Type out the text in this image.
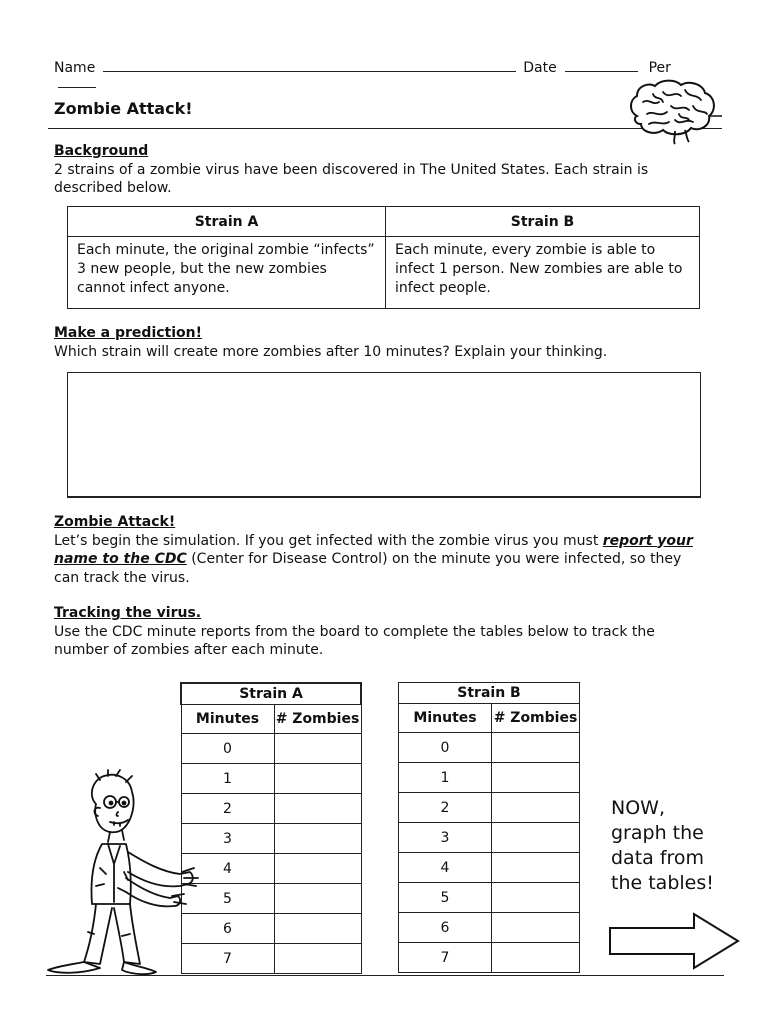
Name	Date	Per
Zombie Attack!
Background
2 strains of a zombie virus have been discovered in The United States. Each strain is described below.
Strain A	Strain B
Each minute, the original zombie “infects” 3 new people, but the new zombies cannot infect anyone.	Each minute, every zombie is able to infect 1 person. New zombies are able to infect people.
Make a prediction!
Which strain will create more zombies after 10 minutes? Explain your thinking.
Zombie Attack!
Let’s begin the simulation. If you get infected with the zombie virus you must report your name to the CDC (Center for Disease Control) on the minute you were infected, so they can track the virus.
Tracking the virus.
Use the CDC minute reports from the board to complete the tables below to track the number of zombies after each minute.
Strain A	
Minutes	# Zombies
0	
1	
2	
3	
4	
5	
6	
7	
Strain B	
Minutes	# Zombies
0	
1	
2	
3	
4	
5	
6	
7	
NOW,
graph the
data from
the tables!
